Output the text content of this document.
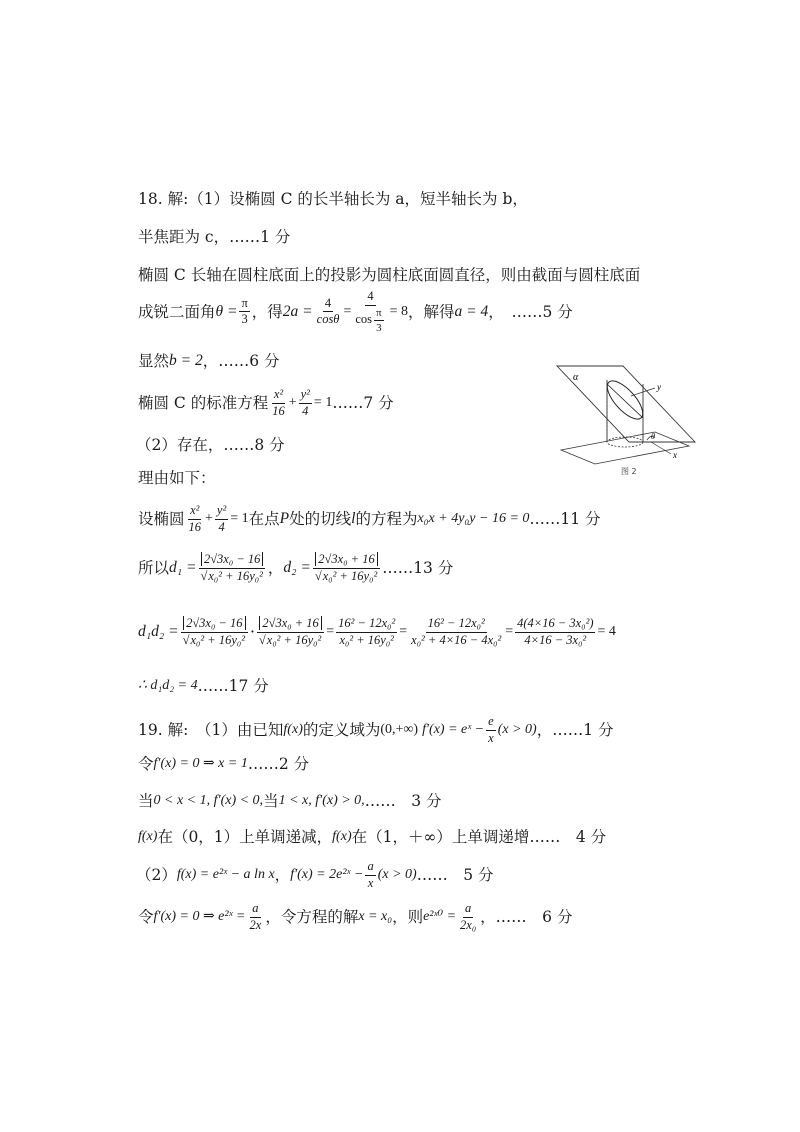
18. 解:（1）设椭圆 C 的长半轴长为 a，短半轴长为 b，
半焦距为 c，……1 分
椭圆 C 长轴在圆柱底面上的投影为圆柱底面圆直径，则由截面与圆柱底面
成锐二面角 $\theta = \frac{\pi}{3}$ ，得 $2a = \frac{4}{\cos\theta} = \frac{4}{\cos \frac{\pi}{3}} = 8$ ，解得 a = 4 ，　……5 分
显然 b = 2 ，……6 分
椭圆 C 的标准方程 $\frac{\text{x²}}{16} + \frac{\text{y²}}{4} = 1$ ……7 分
（2）存在，……8 分
理由如下：
设椭圆 $\frac{\text{x²}}{16} + \frac{\text{y²}}{4} = 1$ 在点 P 处的切线 l 的方程为 x₀x + 4y₀y − 16 = 0 ……11 分
所以 $d_1 = \frac{\text{2√3x₀ − 16}}{\text{√x₀² + 16y₀²}}$ ， $d_2 = \frac{\text{2√3x₀ + 16}}{\text{√x₀² + 16y₀²}}$ ……13 分
$d_1d_2 = \frac{\text{2√3x₀ − 16}}{\text{√x₀² + 16y₀²}} \cdot \frac{\text{2√3x₀ + 16}}{\text{√x₀² + 16y₀²}} = \frac{\text{16² − 12x₀²}}{\text{x₀² + 16y₀²}} = \frac{\text{16² − 12x₀²}}{\text{x₀² + 4×16 − 4x₀²}} = \frac{\text{4(4×16 − 3x₀²)}}{\text{4×16 − 3x₀²}} = 4$
∴ d₁d₂ = 4 ……17 分
α
y
θ
x
图 2
19. 解:　（1）由已知 f(x) 的定义域为 (0,+∞) f′(x) = eˣ − $\frac{e}{x} (x > 0)$ ，……1 分
令 f′(x) = 0 ⇒ x = 1 ……2 分
当 0 < x < 1, f′(x) < 0, 当 1 < x, f′(x) > 0, ……　3 分
f(x) 在（0，1）上单调递减， f(x) 在（1，＋∞）上单调递增……　4 分
（2） f(x) = e²ˣ − a ln x ， f′(x) = 2e²ˣ − $\frac{a}{x} (x > 0)$ ……　5 分
令 f′(x) = 0 ⇒ e²ˣ = $\frac{a}{2x}$ ，令方程的解 x = x₀ ，则 e²ˣ⁰ = $\frac{a}{\text{2x₀}}$ ，……　6 分
